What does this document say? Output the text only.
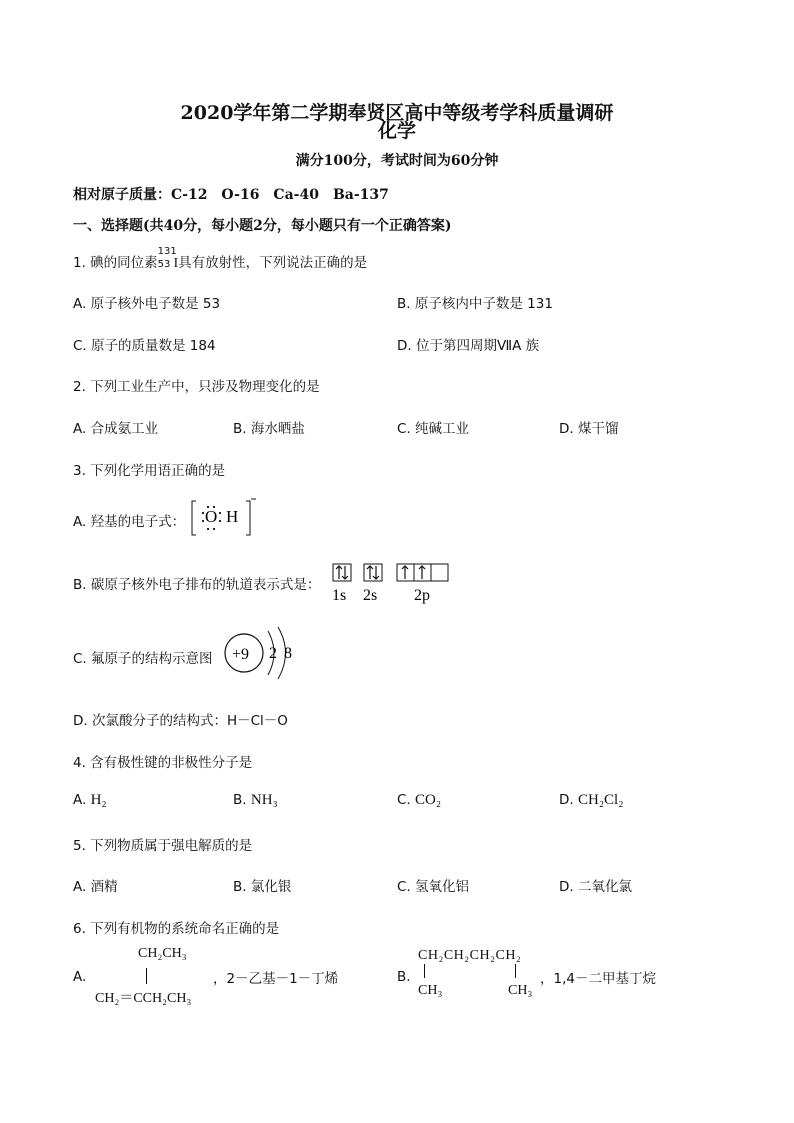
2020学年第二学期奉贤区高中等级考学科质量调研
化学
满分100分，考试时间为60分钟
相对原子质量：C-12　O-16　Ca-40　Ba-137
一、选择题(共40分，每小题2分，每小题只有一个正确答案)
1. 碘的同位素
131
53 I具有放射性，下列说法正确的是
A. 原子核外电子数是 53	B. 原子核内中子数是 131
C. 原子的质量数是 184	D. 位于第四周期ⅦA 族
2. 下列工业生产中，只涉及物理变化的是
A. 合成氨工业	B. 海水晒盐	C. 纯碱工业	D. 煤干馏
3. 下列化学用语正确的是
A. 羟基的电子式： O H
B. 碳原子核外电子排布的轨道表示式是：
1s 2s 2p
C. 氟原子的结构示意图 +9 2 8
D. 次氯酸分子的结构式：H－Cl－O
4. 含有极性键的非极性分子是
A. H₂	B. NH₃	C. CO₂	D. CH₂Cl₂
5. 下列物质属于强电解质的是
A. 酒精	B. 氯化银	C. 氢氧化铝	D. 二氧化氯
6. 下列有机物的系统命名正确的是
A.
CH₂CH₃
CH₂＝CCH₂CH₃
，2－乙基－1－丁烯	B.
CH₂CH₂CH₂CH₂
CH₃	CH₃
，1,4－二甲基丁烷
